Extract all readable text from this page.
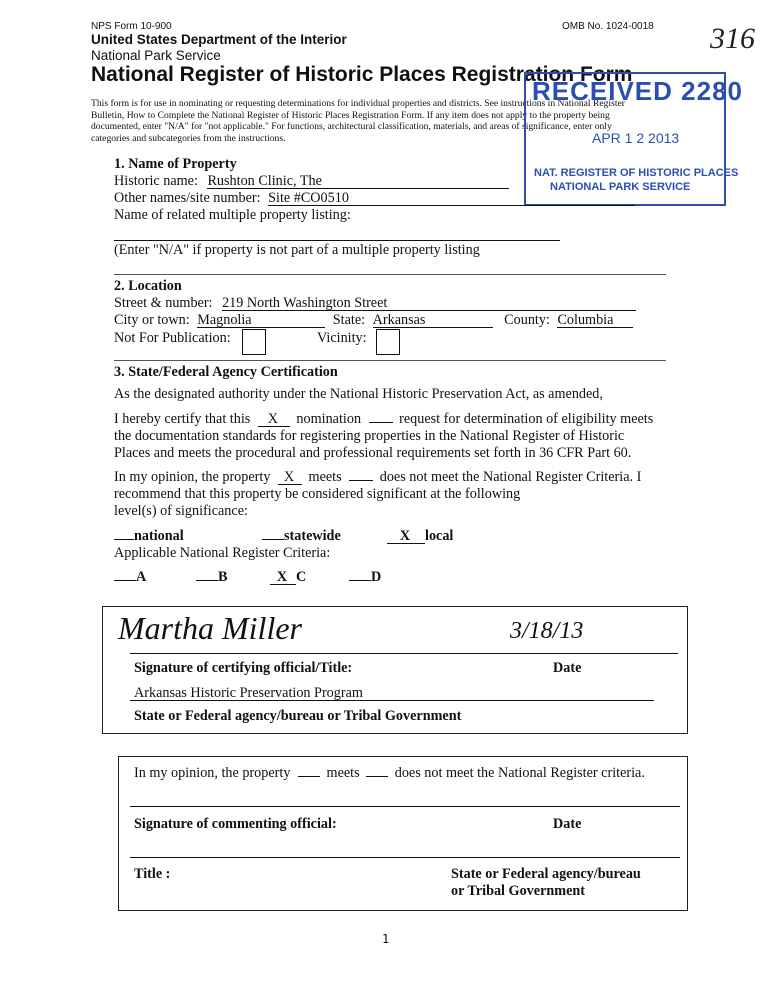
NPS Form 10-900	OMB No. 1024-0018
United States Department of the Interior
National Park Service
316
National Register of Historic Places Registration Form
This form is for use in nominating or requesting determinations for individual properties and districts. See instructions in National Register
Bulletin, How to Complete the National Register of Historic Places Registration Form. If any item does not apply to the property being
documented, enter "N/A" for "not applicable." For functions, architectural classification, materials, and areas of significance, enter only
categories and subcategories from the instructions.
RECEIVED 2280
APR 1 2 2013
NAT. REGISTER OF HISTORIC PLACES
NATIONAL PARK SERVICE
1. Name of Property
Historic name: Rushton Clinic, The
Other names/site number: Site #CO0510
Name of related multiple property listing:
(Enter "N/A" if property is not part of a multiple property listing
2. Location
Street & number: 219 North Washington Street
City or town: Magnolia	State: Arkansas	County: Columbia
Not For Publication:	Vicinity:
3. State/Federal Agency Certification
As the designated authority under the National Historic Preservation Act, as amended,
I hereby certify that this X nomination	request for determination of eligibility meets
the documentation standards for registering properties in the National Register of Historic
Places and meets the procedural and professional requirements set forth in 36 CFR Part 60.
In my opinion, the property X meets	does not meet the National Register Criteria. I
recommend that this property be considered significant at the following
level(s) of significance:
national	statewide	X local
Applicable National Register Criteria:
A	B	X C	D
Martha Miller	3/18/13
Signature of certifying official/Title:	Date
Arkansas Historic Preservation Program
State or Federal agency/bureau or Tribal Government
In my opinion, the property	meets does not meet the National Register criteria.
Signature of commenting official:	Date
Title :	State or Federal agency/bureau
or Tribal Government
1
